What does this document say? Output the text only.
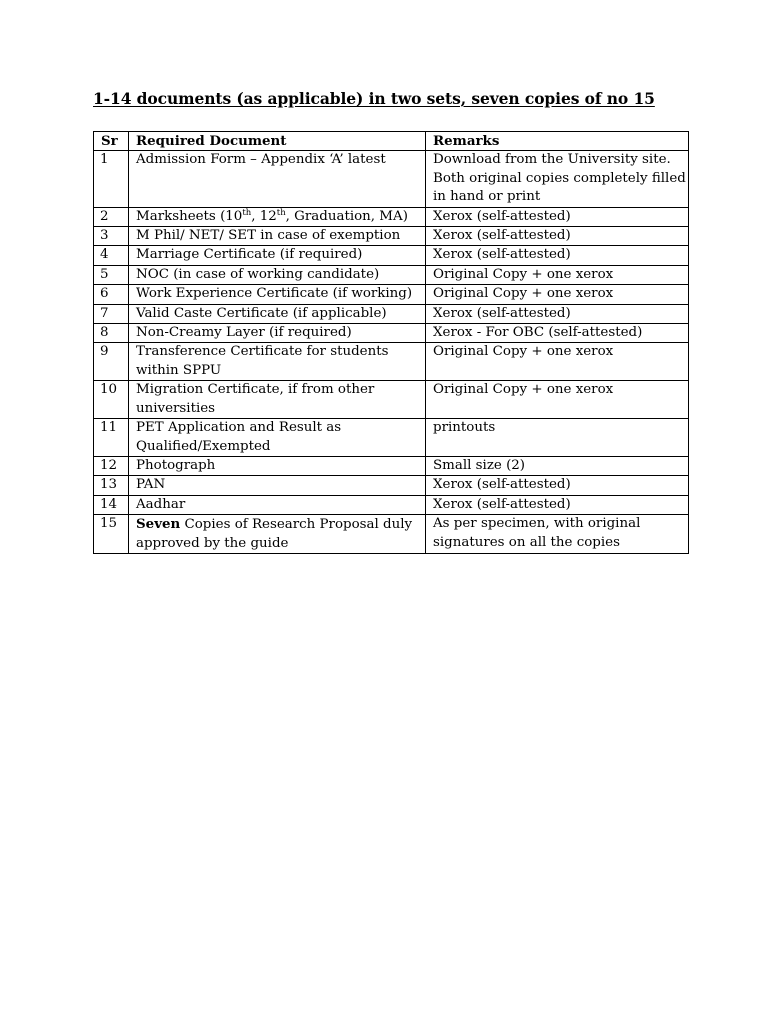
1-14 documents (as applicable) in two sets, seven copies of no 15
Sr	Required Document	Remarks
1	Admission Form – Appendix ‘A’ latest	Download from the University site. Both original copies completely filled in hand or print
2	Marksheets (10th, 12th, Graduation, MA)	Xerox (self-attested)
3	M Phil/ NET/ SET in case of exemption	Xerox (self-attested)
4	Marriage Certificate (if required)	Xerox (self-attested)
5	NOC (in case of working candidate)	Original Copy + one xerox
6	Work Experience Certificate (if working)	Original Copy + one xerox
7	Valid Caste Certificate (if applicable)	Xerox (self-attested)
8	Non-Creamy Layer (if required)	Xerox - For OBC (self-attested)
9	Transference Certificate for students within SPPU	Original Copy + one xerox
10	Migration Certificate, if from other universities	Original Copy + one xerox
11	PET Application and Result as Qualified/Exempted	printouts
12	Photograph	Small size (2)
13	PAN	Xerox (self-attested)
14	Aadhar	Xerox (self-attested)
15	Seven Copies of Research Proposal duly approved by the guide	As per specimen, with original signatures on all the copies
